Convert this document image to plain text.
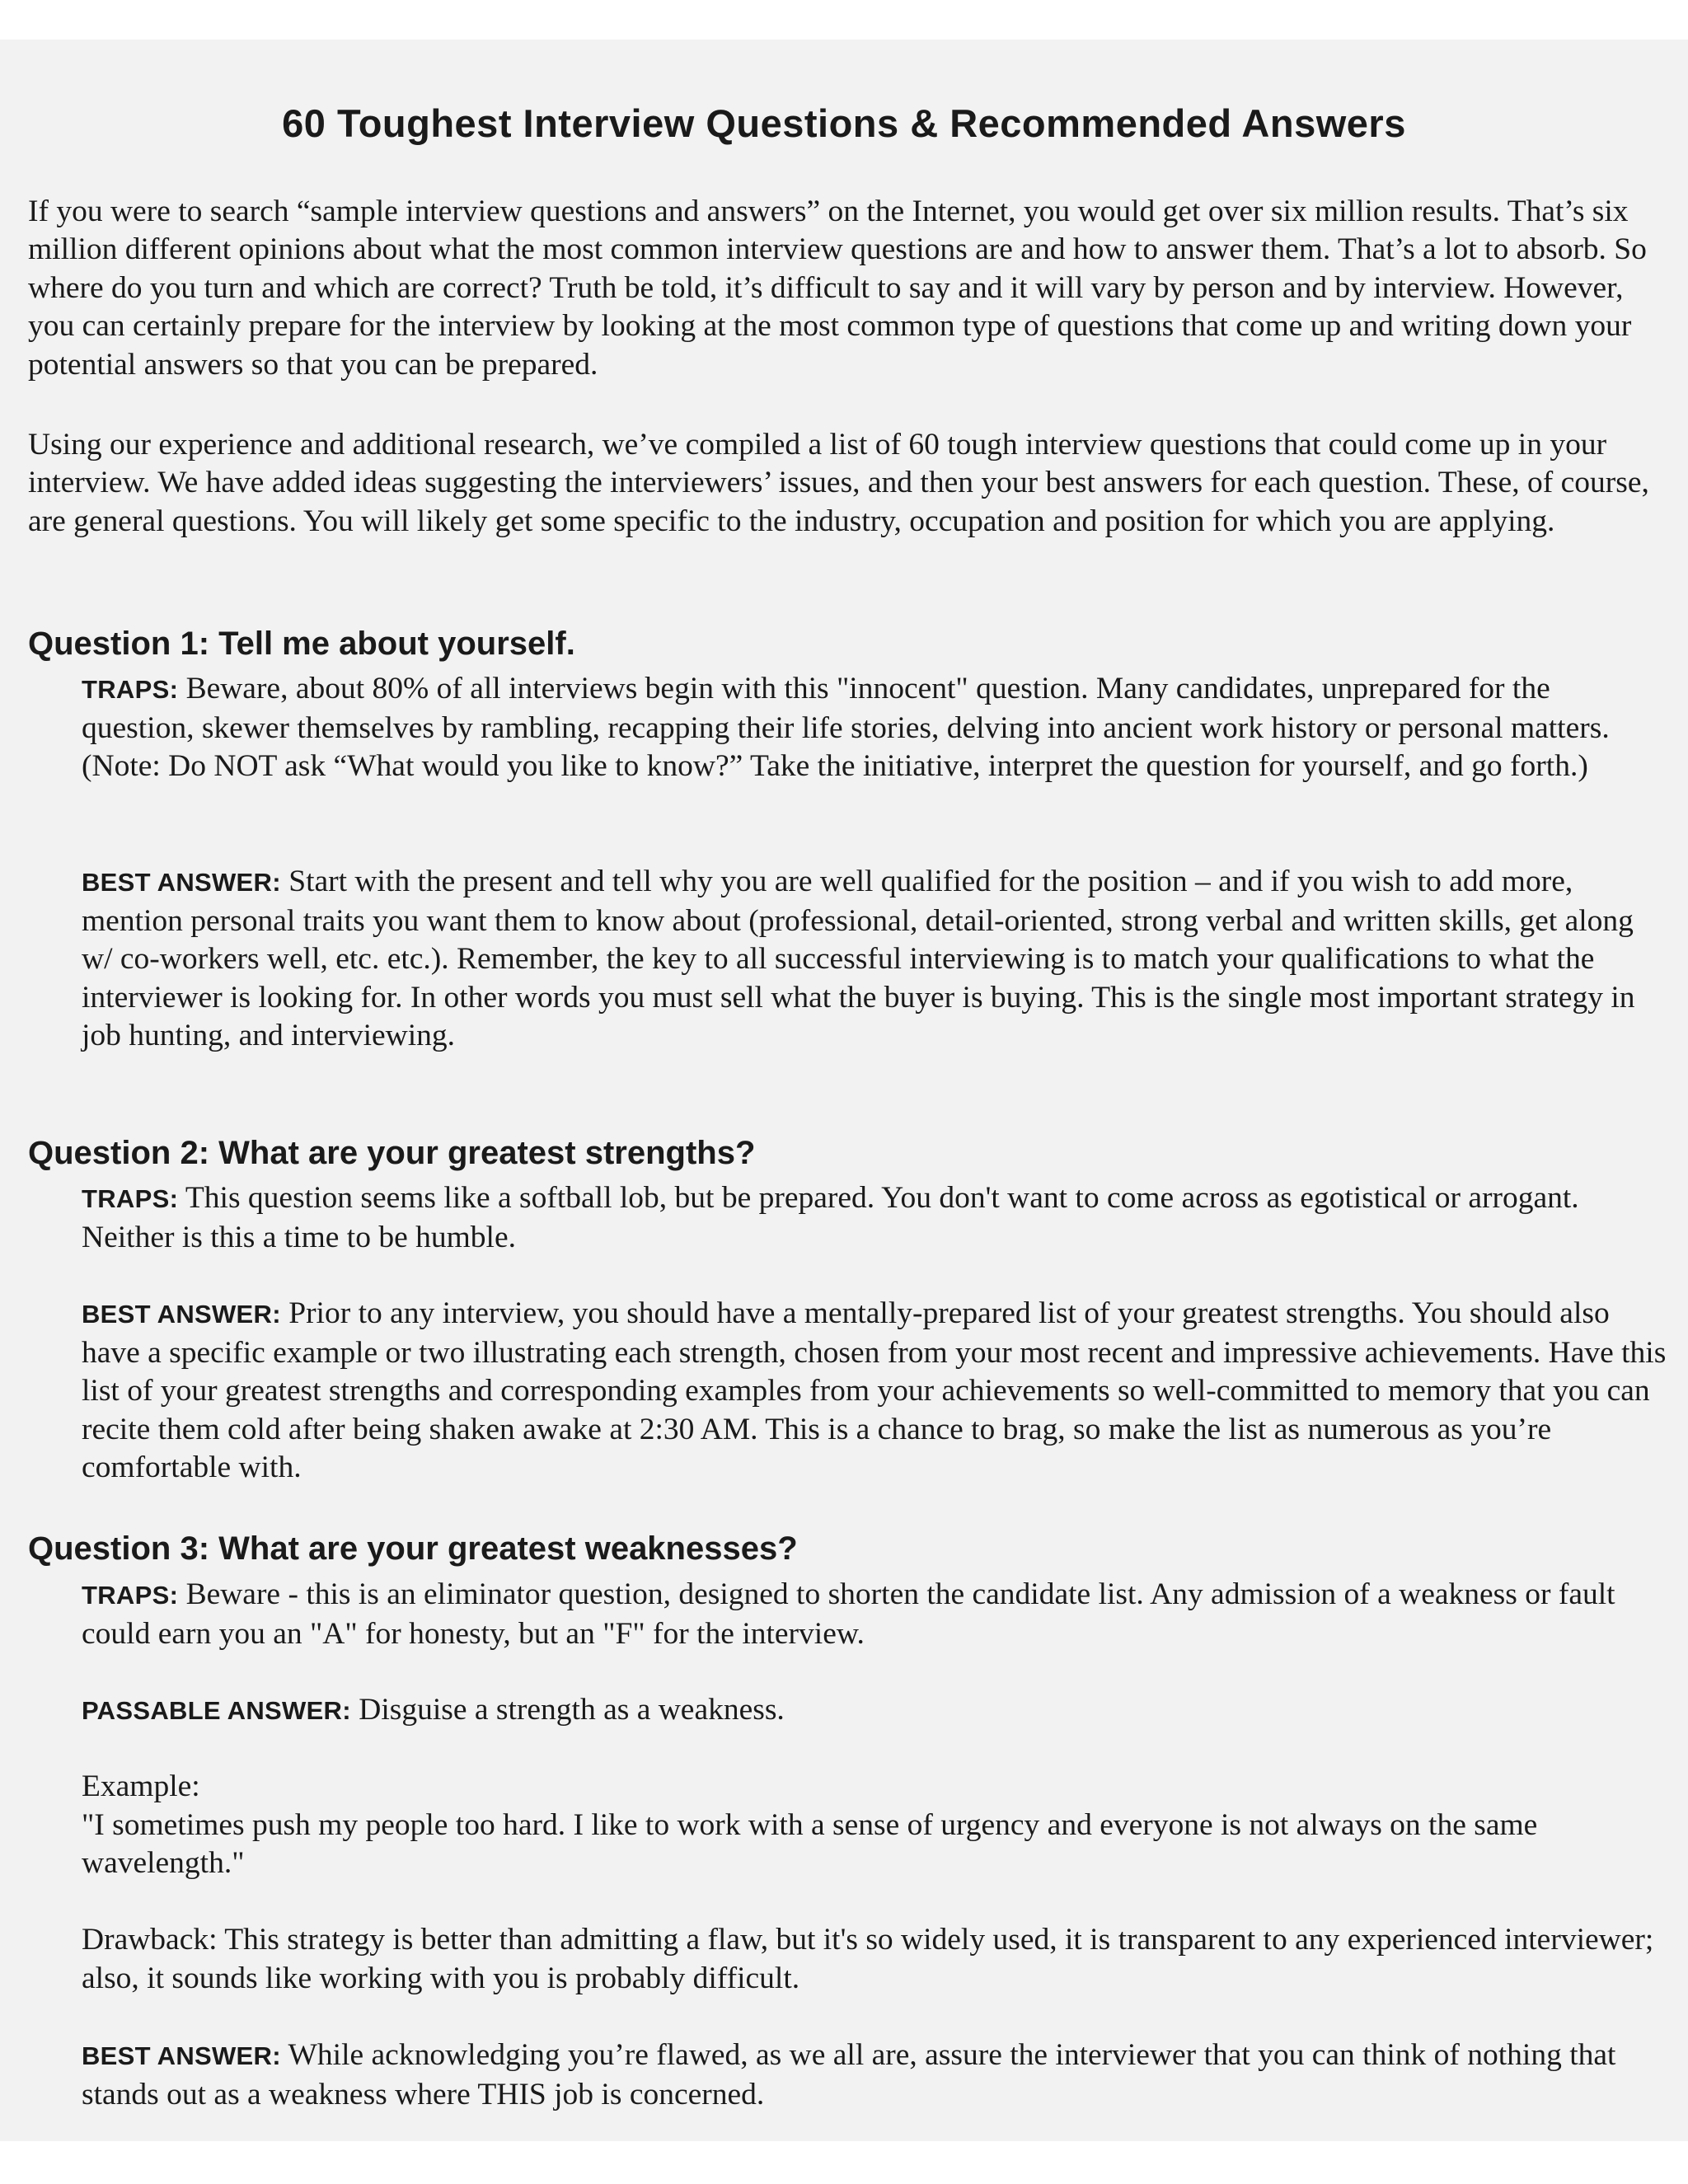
60 Toughest Interview Questions & Recommended Answers

If you were to search “sample interview questions and answers” on the Internet, you would get over six million results. That’s six million different opinions about what the most common interview questions are and how to answer them. That’s a lot to absorb. So where do you turn and which are correct? Truth be told, it’s difficult to say and it will vary by person and by interview. However, you can certainly prepare for the interview by looking at the most common type of questions that come up and writing down your potential answers so that you can be prepared.

Using our experience and additional research, we’ve compiled a list of 60 tough interview questions that could come up in your interview. We have added ideas suggesting the interviewers’ issues, and then your best answers for each question. These, of course, are general questions. You will likely get some specific to the industry, occupation and position for which you are applying.

Question 1: Tell me about yourself.

TRAPS: Beware, about 80% of all interviews begin with this "innocent" question. Many candidates, unprepared for the question, skewer themselves by rambling, recapping their life stories, delving into ancient work history or personal matters. (Note: Do NOT ask “What would you like to know?” Take the initiative, interpret the question for yourself, and go forth.)

BEST ANSWER: Start with the present and tell why you are well qualified for the position – and if you wish to add more, mention personal traits you want them to know about (professional, detail-oriented, strong verbal and written skills, get along w/ co-workers well, etc. etc.). Remember, the key to all successful interviewing is to match your qualifications to what the interviewer is looking for. In other words you must sell what the buyer is buying. This is the single most important strategy in job hunting, and interviewing.

Question 2: What are your greatest strengths?

TRAPS: This question seems like a softball lob, but be prepared. You don't want to come across as egotistical or arrogant. Neither is this a time to be humble.

BEST ANSWER: Prior to any interview, you should have a mentally-prepared list of your greatest strengths. You should also have a specific example or two illustrating each strength, chosen from your most recent and impressive achievements. Have this list of your greatest strengths and corresponding examples from your achievements so well-committed to memory that you can recite them cold after being shaken awake at 2:30 AM. This is a chance to brag, so make the list as numerous as you’re comfortable with.

Question 3: What are your greatest weaknesses?

TRAPS: Beware - this is an eliminator question, designed to shorten the candidate list. Any admission of a weakness or fault could earn you an "A" for honesty, but an "F" for the interview.

PASSABLE ANSWER: Disguise a strength as a weakness.

Example:
"I sometimes push my people too hard. I like to work with a sense of urgency and everyone is not always on the same wavelength."

Drawback: This strategy is better than admitting a flaw, but it's so widely used, it is transparent to any experienced interviewer; also, it sounds like working with you is probably difficult.

BEST ANSWER: While acknowledging you’re flawed, as we all are, assure the interviewer that you can think of nothing that stands out as a weakness where THIS job is concerned.
